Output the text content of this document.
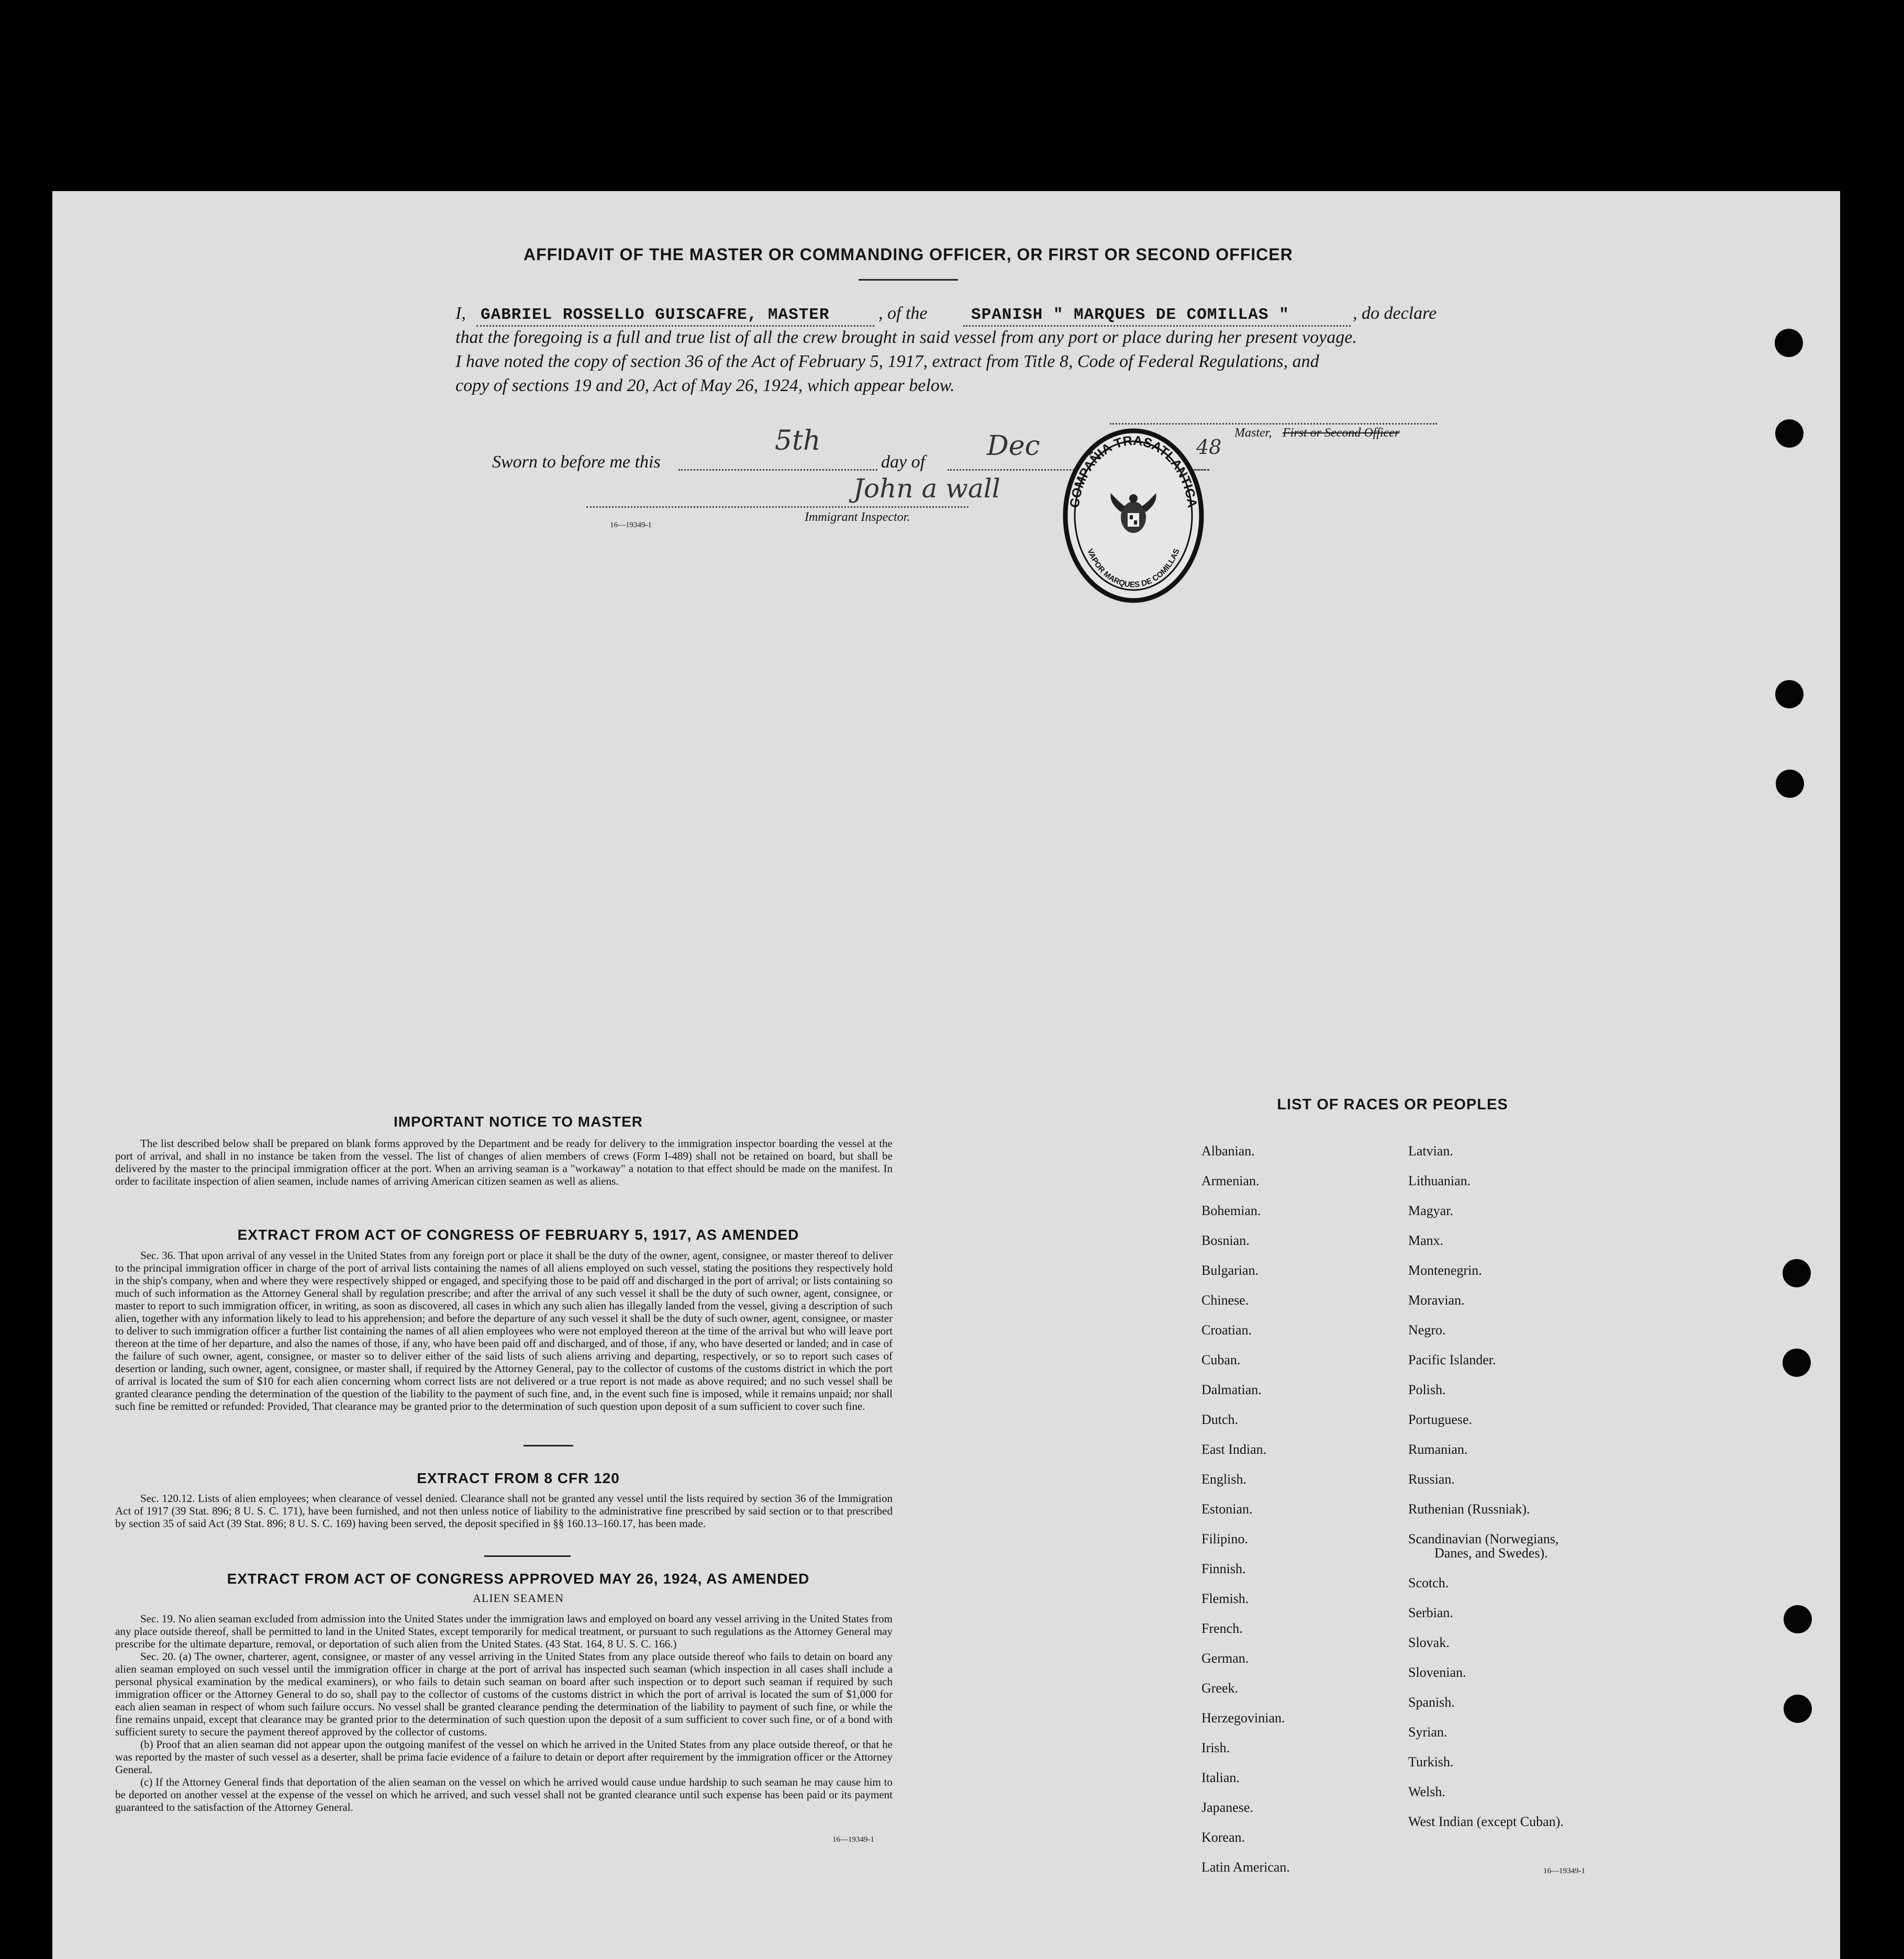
AFFIDAVIT OF THE MASTER OR COMMANDING OFFICER, OR FIRST OR SECOND OFFICER
I, GABRIEL ROSSELLO GUISCAFRE, MASTER	, of the	SPANISH " MARQUES DE COMILLAS "	, do declare
that the foregoing is a full and true list of all the crew brought in said vessel from any port or place during her present voyage.
I have noted the copy of section 36 of the Act of February 5, 1917, extract from Title 8, Code of Federal Regulations, and
copy of sections 19 and 20, Act of May 26, 1924, which appear below.
Master, First or Second Officer
Sworn to before me this
5th
day of
Dec	48
John a wall
Immigrant Inspector.
16—19349-1
COMPAÑIA TRASATLANTICA
VAPOR MARQUES DE COMILLAS
IMPORTANT NOTICE TO MASTER
The list described below shall be prepared on blank forms approved by the Department and be ready for delivery to the immigration inspector boarding the vessel at the port of arrival, and shall in no instance be taken from the vessel. The list of changes of alien members of crews (Form I-489) shall not be retained on board, but shall be delivered by the master to the principal immigration officer at the port. When an arriving seaman is a "workaway" a notation to that effect should be made on the manifest. In order to facilitate inspection of alien seamen, include names of arriving American citizen seamen as well as aliens.
EXTRACT FROM ACT OF CONGRESS OF FEBRUARY 5, 1917, AS AMENDED
Sec. 36. That upon arrival of any vessel in the United States from any foreign port or place it shall be the duty of the owner, agent, consignee, or master thereof to deliver to the principal immigration officer in charge of the port of arrival lists containing the names of all aliens employed on such vessel, stating the positions they respectively hold in the ship's company, when and where they were respectively shipped or engaged, and specifying those to be paid off and discharged in the port of arrival; or lists containing so much of such information as the Attorney General shall by regulation prescribe; and after the arrival of any such vessel it shall be the duty of such owner, agent, consignee, or master to report to such immigration officer, in writing, as soon as discovered, all cases in which any such alien has illegally landed from the vessel, giving a description of such alien, together with any information likely to lead to his apprehension; and before the departure of any such vessel it shall be the duty of such owner, agent, consignee, or master to deliver to such immigration officer a further list containing the names of all alien employees who were not employed thereon at the time of the arrival but who will leave port thereon at the time of her departure, and also the names of those, if any, who have been paid off and discharged, and of those, if any, who have deserted or landed; and in case of the failure of such owner, agent, consignee, or master so to deliver either of the said lists of such aliens arriving and departing, respectively, or so to report such cases of desertion or landing, such owner, agent, consignee, or master shall, if required by the Attorney General, pay to the collector of customs of the customs district in which the port of arrival is located the sum of $10 for each alien concerning whom correct lists are not delivered or a true report is not made as above required; and no such vessel shall be granted clearance pending the determination of the question of the liability to the payment of such fine, and, in the event such fine is imposed, while it remains unpaid; nor shall such fine be remitted or refunded: Provided, That clearance may be granted prior to the determination of such question upon deposit of a sum sufficient to cover such fine.
EXTRACT FROM 8 CFR 120
Sec. 120.12. Lists of alien employees; when clearance of vessel denied. Clearance shall not be granted any vessel until the lists required by section 36 of the Immigration Act of 1917 (39 Stat. 896; 8 U. S. C. 171), have been furnished, and not then unless notice of liability to the administrative fine prescribed by said section or to that prescribed by section 35 of said Act (39 Stat. 896; 8 U. S. C. 169) having been served, the deposit specified in §§ 160.13–160.17, has been made.
EXTRACT FROM ACT OF CONGRESS APPROVED MAY 26, 1924, AS AMENDED
ALIEN SEAMEN
Sec. 19. No alien seaman excluded from admission into the United States under the immigration laws and employed on board any vessel arriving in the United States from any place outside thereof, shall be permitted to land in the United States, except temporarily for medical treatment, or pursuant to such regulations as the Attorney General may prescribe for the ultimate departure, removal, or deportation of such alien from the United States. (43 Stat. 164, 8 U. S. C. 166.)
Sec. 20. (a) The owner, charterer, agent, consignee, or master of any vessel arriving in the United States from any place outside thereof who fails to detain on board any alien seaman employed on such vessel until the immigration officer in charge at the port of arrival has inspected such seaman (which inspection in all cases shall include a personal physical examination by the medical examiners), or who fails to detain such seaman on board after such inspection or to deport such seaman if required by such immigration officer or the Attorney General to do so, shall pay to the collector of customs of the customs district in which the port of arrival is located the sum of $1,000 for each alien seaman in respect of whom such failure occurs. No vessel shall be granted clearance pending the determination of the liability to payment of such fine, or while the fine remains unpaid, except that clearance may be granted prior to the determination of such question upon the deposit of a sum sufficient to cover such fine, or of a bond with sufficient surety to secure the payment thereof approved by the collector of customs.
(b) Proof that an alien seaman did not appear upon the outgoing manifest of the vessel on which he arrived in the United States from any place outside thereof, or that he was reported by the master of such vessel as a deserter, shall be prima facie evidence of a failure to detain or deport after requirement by the immigration officer or the Attorney General.
(c) If the Attorney General finds that deportation of the alien seaman on the vessel on which he arrived would cause undue hardship to such seaman he may cause him to be deported on another vessel at the expense of the vessel on which he arrived, and such vessel shall not be granted clearance until such expense has been paid or its payment guaranteed to the satisfaction of the Attorney General.
16—19349-1
LIST OF RACES OR PEOPLES
Albanian.
Armenian.
Bohemian.
Bosnian.
Bulgarian.
Chinese.
Croatian.
Cuban.
Dalmatian.
Dutch.
East Indian.
English.
Estonian.
Filipino.
Finnish.
Flemish.
French.
German.
Greek.
Herzegovinian.
Irish.
Italian.
Japanese.
Korean.
Latin American.
Latvian.
Lithuanian.
Magyar.
Manx.
Montenegrin.
Moravian.
Negro.
Pacific Islander.
Polish.
Portuguese.
Rumanian.
Russian.
Ruthenian (Russniak).
Scandinavian (Norwegians,
Danes, and Swedes).
Scotch.
Serbian.
Slovak.
Slovenian.
Spanish.
Syrian.
Turkish.
Welsh.
West Indian (except Cuban).
16—19349-1
